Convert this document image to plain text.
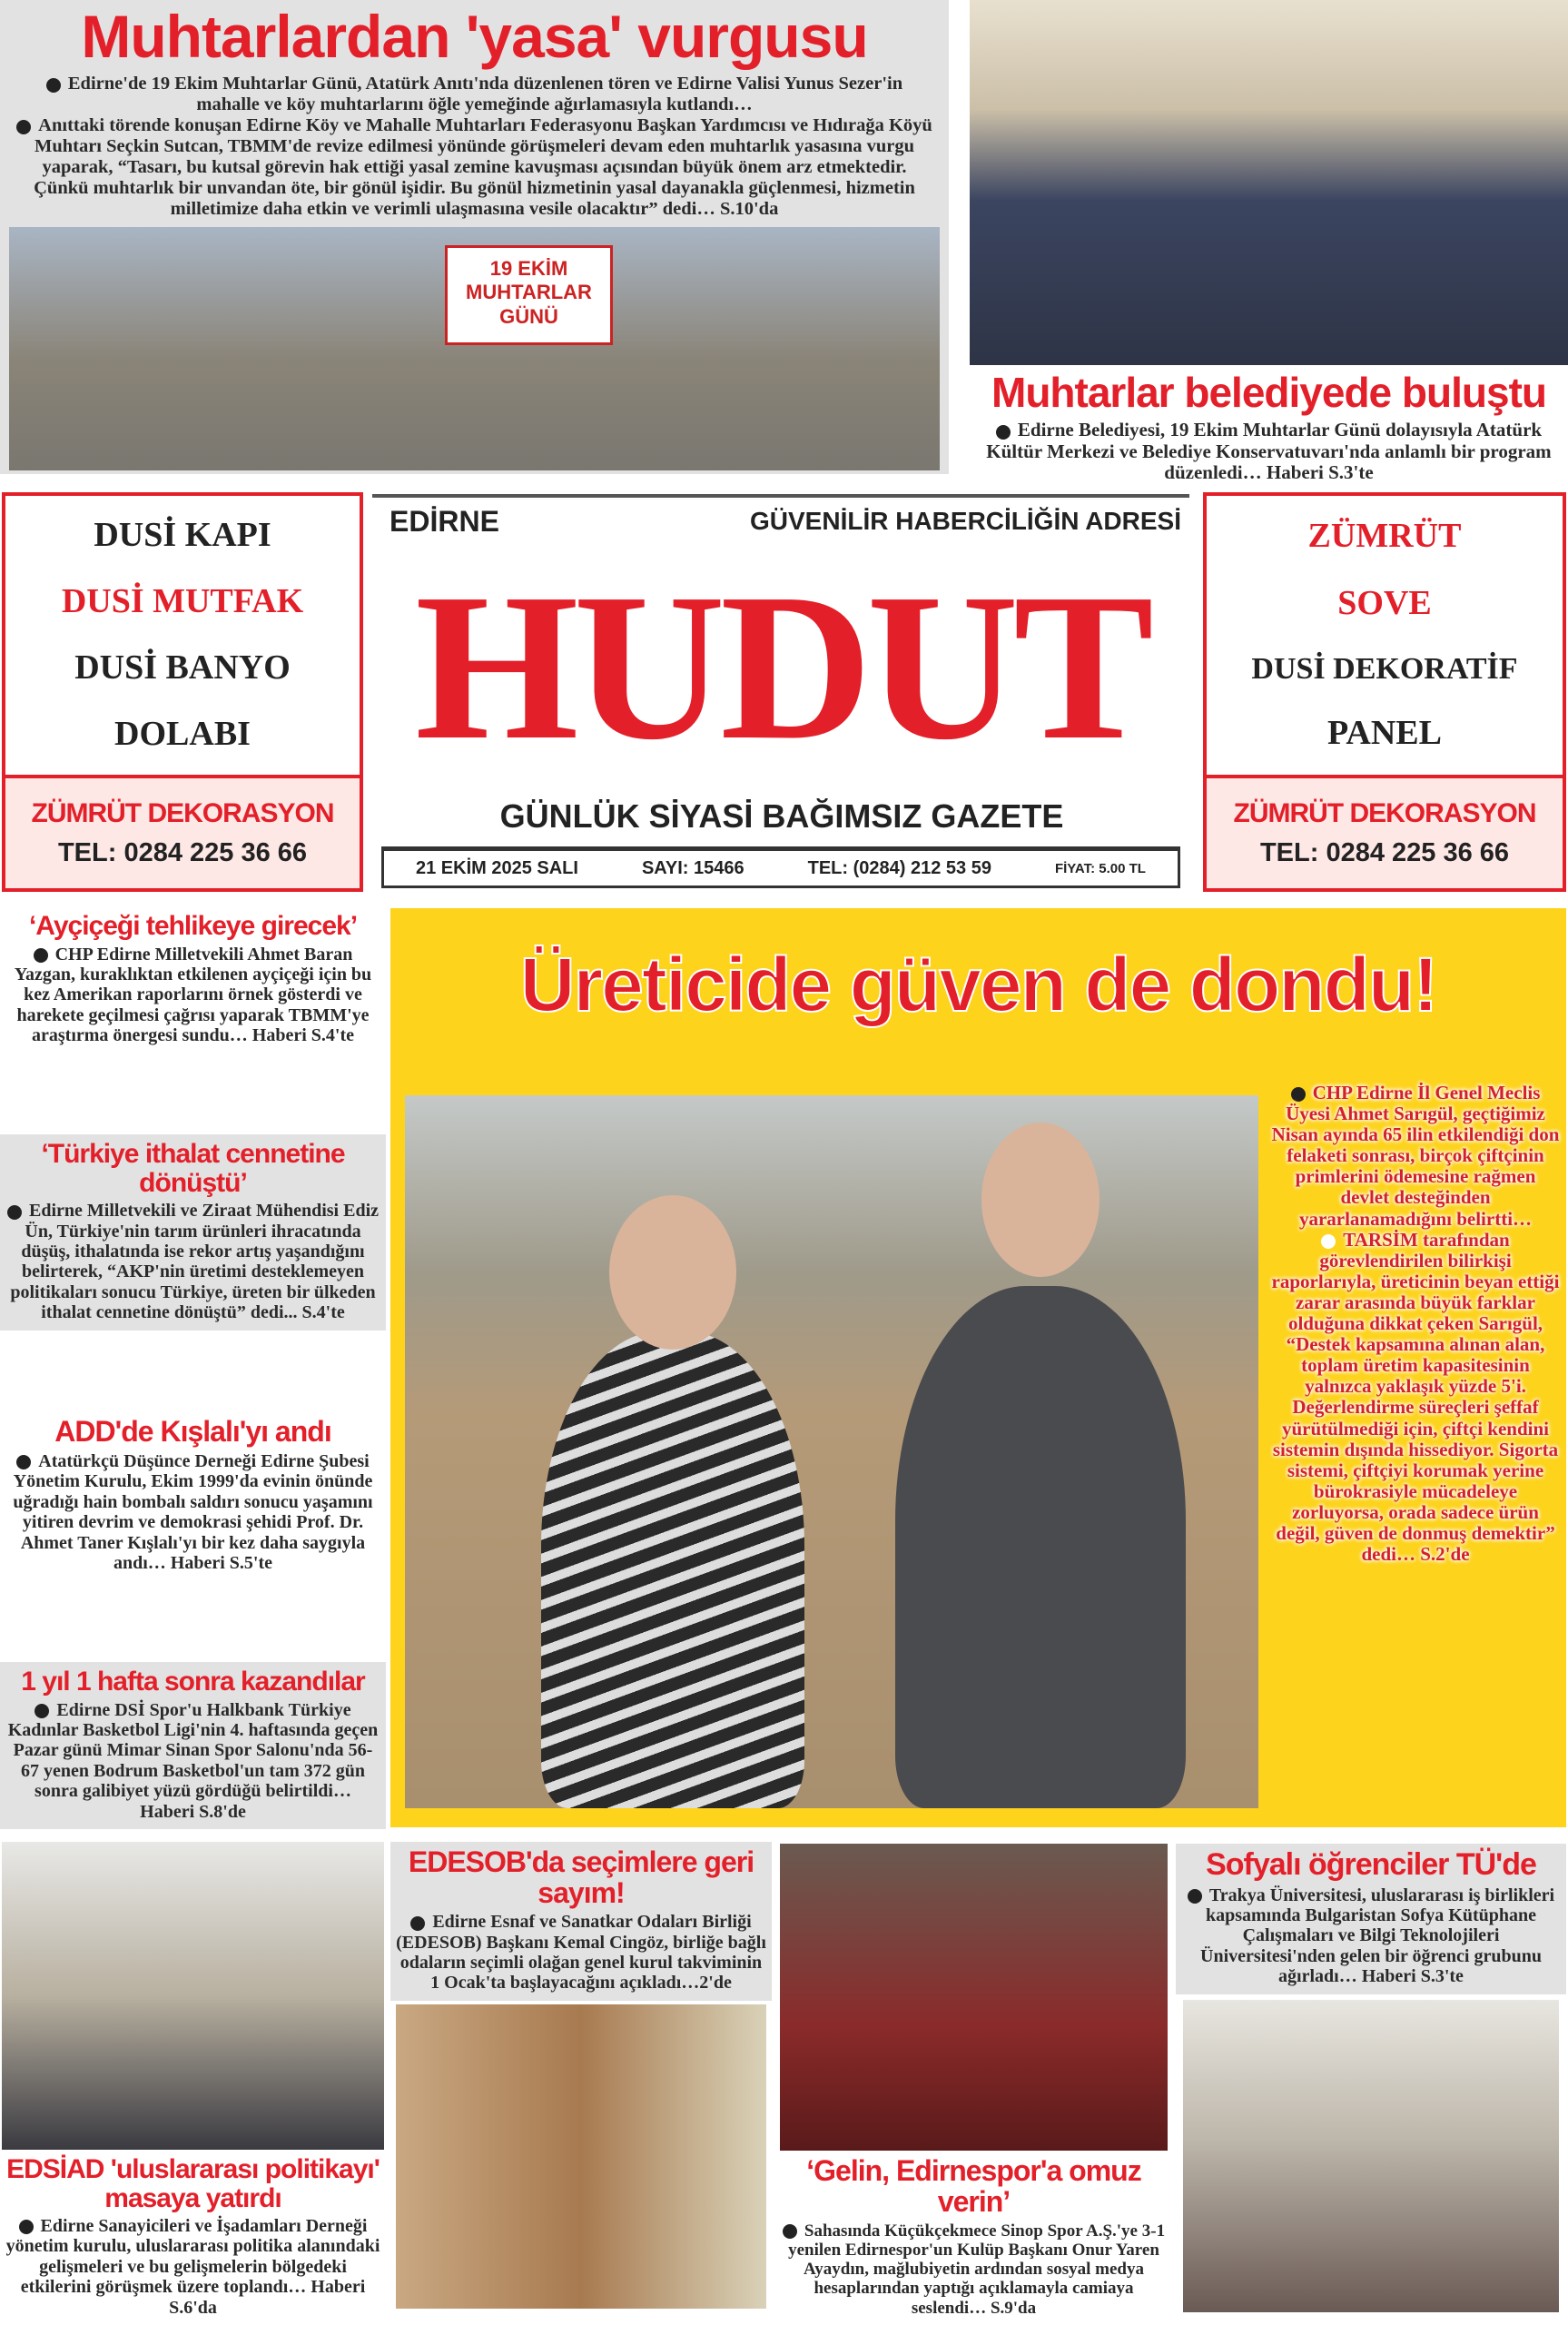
Muhtarlardan 'yasa' vurgusu
Edirne'de 19 Ekim Muhtarlar Günü, Atatürk Anıtı'nda düzenlenen tören ve Edirne Valisi Yunus Sezer'in mahalle ve köy muhtarlarını öğle yemeğinde ağırlamasıyla kutlandı…
Anıttaki törende konuşan Edirne Köy ve Mahalle Muhtarları Federasyonu Başkan Yardımcısı ve Hıdırağa Köyü Muhtarı Seçkin Sutcan, TBMM'de revize edilmesi yönünde görüşmeleri devam eden muhtarlık yasasına vurgu yaparak, “Tasarı, bu kutsal görevin hak ettiği yasal zemine kavuşması açısından büyük önem arz etmektedir. Çünkü muhtarlık bir unvandan öte, bir gönül işidir. Bu gönül hizmetinin yasal dayanakla güçlenmesi, hizmetin milletimize daha etkin ve verimli ulaşmasına vesile olacaktır” dedi… S.10'da
19 EKİM
MUHTARLAR
GÜNÜ
Muhtarlar belediyede buluştu
Edirne Belediyesi, 19 Ekim Muhtarlar Günü dolayısıyla Atatürk Kültür Merkezi ve Belediye Konservatuvarı'nda anlamlı bir program düzenledi… Haberi S.3'te
DUSİ KAPI
DUSİ MUTFAK
DUSİ BANYO
DOLABI
ZÜMRÜT DEKORASYON
TEL: 0284 225 36 66
EDİRNE	GÜVENİLİR HABERCİLİĞİN ADRESİ
HUDUT
GÜNLÜK SİYASİ BAĞIMSIZ GAZETE
21 EKİM 2025 SALI	SAYI: 15466	TEL: (0284) 212 53 59	FİYAT: 5.00 TL
ZÜMRÜT
SOVE
DUSİ DEKORATİF
PANEL
ZÜMRÜT DEKORASYON
TEL: 0284 225 36 66
‘Ayçiçeği tehlikeye girecek’
CHP Edirne Milletvekili Ahmet Baran Yazgan, kuraklıktan etkilenen ayçiçeği için bu kez Amerikan raporlarını örnek gösterdi ve harekete geçilmesi çağrısı yaparak TBMM'ye araştırma önergesi sundu… Haberi S.4'te
‘Türkiye ithalat cennetine dönüştü’
Edirne Milletvekili ve Ziraat Mühendisi Ediz Ün, Türkiye'nin tarım ürünleri ihracatında düşüş, ithalatında ise rekor artış yaşandığını belirterek, “AKP'nin üretimi desteklemeyen politikaları sonucu Türkiye, üreten bir ülkeden ithalat cennetine dönüştü” dedi... S.4'te
ADD'de Kışlalı'yı andı
Atatürkçü Düşünce Derneği Edirne Şubesi Yönetim Kurulu, Ekim 1999'da evinin önünde uğradığı hain bombalı saldırı sonucu yaşamını yitiren devrim ve demokrasi şehidi Prof. Dr. Ahmet Taner Kışlalı'yı bir kez daha saygıyla andı… Haberi S.5'te
1 yıl 1 hafta sonra kazandılar
Edirne DSİ Spor'u Halkbank Türkiye Kadınlar Basketbol Ligi'nin 4. haftasında geçen Pazar günü Mimar Sinan Spor Salonu'nda 56-67 yenen Bodrum Basketbol'un tam 372 gün sonra galibiyet yüzü gördüğü belirtildi… Haberi S.8'de
Üreticide güven de dondu!
CHP Edirne İl Genel Meclis Üyesi Ahmet Sarıgül, geçtiğimiz Nisan ayında 65 ilin etkilendiği don felaketi sonrası, birçok çiftçinin primlerini ödemesine rağmen devlet desteğinden yararlanamadığını belirtti…
TARSİM tarafından görevlendirilen bilirkişi raporlarıyla, üreticinin beyan ettiği zarar arasında büyük farklar olduğuna dikkat çeken Sarıgül, “Destek kapsamına alınan alan, toplam üretim kapasitesinin yalnızca yaklaşık yüzde 5'i. Değerlendirme süreçleri şeffaf yürütülmediği için, çiftçi kendini sistemin dışında hissediyor. Sigorta sistemi, çiftçiyi korumak yerine bürokrasiyle mücadeleye zorluyorsa, orada sadece ürün değil, güven de donmuş demektir” dedi… S.2'de
EDSİAD 'uluslararası politikayı' masaya yatırdı
Edirne Sanayicileri ve İşadamları Derneği yönetim kurulu, uluslararası politika alanındaki gelişmeleri ve bu gelişmelerin bölgedeki etkilerini görüşmek üzere toplandı… Haberi S.6'da
EDESOB'da seçimlere geri sayım!
Edirne Esnaf ve Sanatkar Odaları Birliği (EDESOB) Başkanı Kemal Cingöz, birliğe bağlı odaların seçimli olağan genel kurul takviminin 1 Ocak'ta başlayacağını açıkladı…2'de
‘Gelin, Edirnespor'a omuz verin’
Sahasında Küçükçekmece Sinop Spor A.Ş.'ye 3-1 yenilen Edirnespor'un Kulüp Başkanı Onur Yaren Ayaydın, mağlubiyetin ardından sosyal medya hesaplarından yaptığı açıklamayla camiaya seslendi… S.9'da
Sofyalı öğrenciler TÜ'de
Trakya Üniversitesi, uluslararası iş birlikleri kapsamında Bulgaristan Sofya Kütüphane Çalışmaları ve Bilgi Teknolojileri Üniversitesi'nden gelen bir öğrenci grubunu ağırladı… Haberi S.3'te
